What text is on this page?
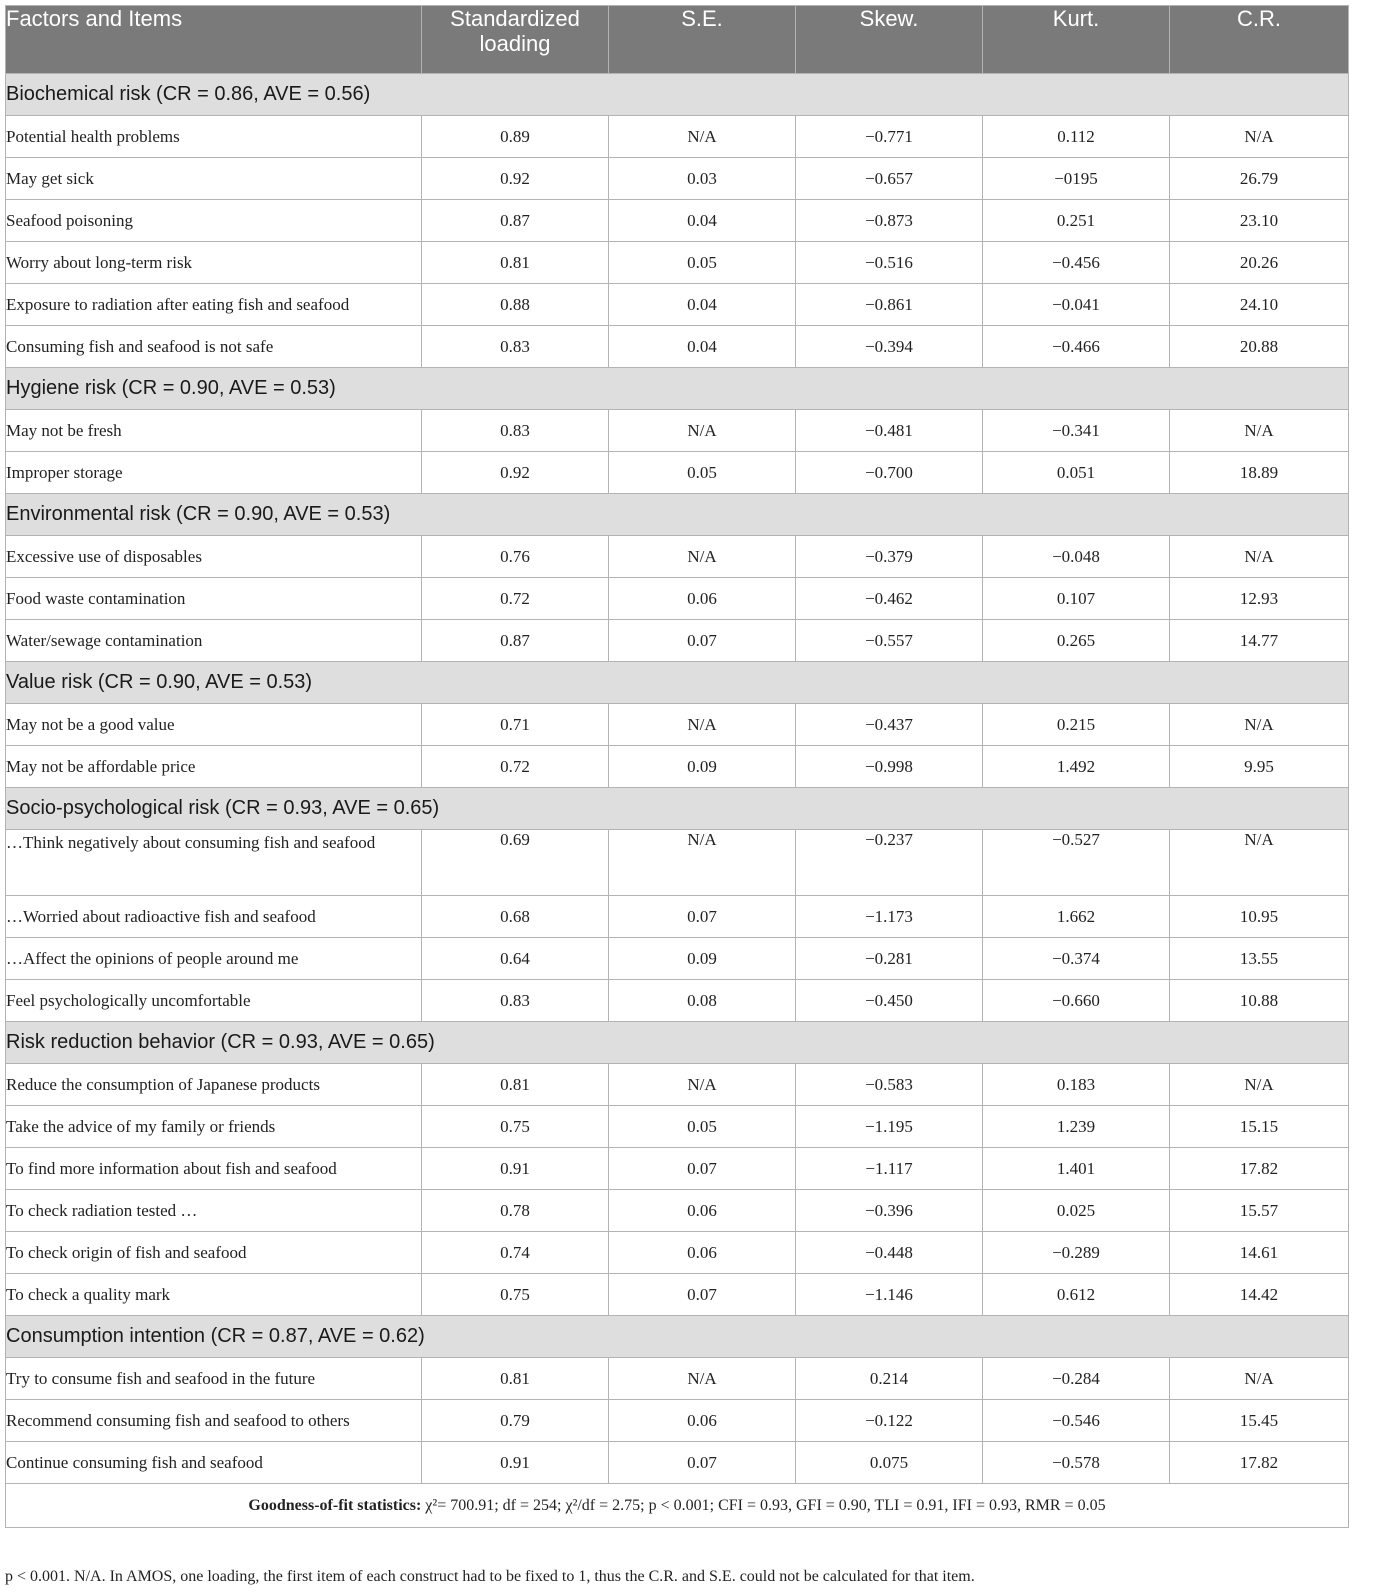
Factors and Items	Standardized loading	S.E.	Skew.	Kurt.	C.R.
Biochemical risk (CR = 0.86, AVE = 0.56)					
Potential health problems	0.89	N/A	−0.771	0.112	N/A
May get sick	0.92	0.03	−0.657	−0195	26.79
Seafood poisoning	0.87	0.04	−0.873	0.251	23.10
Worry about long-term risk	0.81	0.05	−0.516	−0.456	20.26
Exposure to radiation after eating fish and seafood	0.88	0.04	−0.861	−0.041	24.10
Consuming fish and seafood is not safe	0.83	0.04	−0.394	−0.466	20.88
Hygiene risk (CR = 0.90, AVE = 0.53)					
May not be fresh	0.83	N/A	−0.481	−0.341	N/A
Improper storage	0.92	0.05	−0.700	0.051	18.89
Environmental risk (CR = 0.90, AVE = 0.53)					
Excessive use of disposables	0.76	N/A	−0.379	−0.048	N/A
Food waste contamination	0.72	0.06	−0.462	0.107	12.93
Water/sewage contamination	0.87	0.07	−0.557	0.265	14.77
Value risk (CR = 0.90, AVE = 0.53)					
May not be a good value	0.71	N/A	−0.437	0.215	N/A
May not be affordable price	0.72	0.09	−0.998	1.492	9.95
Socio-psychological risk (CR = 0.93, AVE = 0.65)					
…Think negatively about consuming fish and seafood	0.69	N/A	−0.237	−0.527	N/A
…Worried about radioactive fish and seafood	0.68	0.07	−1.173	1.662	10.95
…Affect the opinions of people around me	0.64	0.09	−0.281	−0.374	13.55
Feel psychologically uncomfortable	0.83	0.08	−0.450	−0.660	10.88
Risk reduction behavior (CR = 0.93, AVE = 0.65)					
Reduce the consumption of Japanese products	0.81	N/A	−0.583	0.183	N/A
Take the advice of my family or friends	0.75	0.05	−1.195	1.239	15.15
To find more information about fish and seafood	0.91	0.07	−1.117	1.401	17.82
To check radiation tested …	0.78	0.06	−0.396	0.025	15.57
To check origin of fish and seafood	0.74	0.06	−0.448	−0.289	14.61
To check a quality mark	0.75	0.07	−1.146	0.612	14.42
Consumption intention (CR = 0.87, AVE = 0.62)					
Try to consume fish and seafood in the future	0.81	N/A	0.214	−0.284	N/A
Recommend consuming fish and seafood to others	0.79	0.06	−0.122	−0.546	15.45
Continue consuming fish and seafood	0.91	0.07	0.075	−0.578	17.82
Goodness-of-fit statistics: χ²= 700.91; df = 254; χ²/df = 2.75; p < 0.001; CFI = 0.93, GFI = 0.90, TLI = 0.91, IFI = 0.93, RMR = 0.05					
p < 0.001. N/A. In AMOS, one loading, the first item of each construct had to be fixed to 1, thus the C.R. and S.E. could not be calculated for that item.
